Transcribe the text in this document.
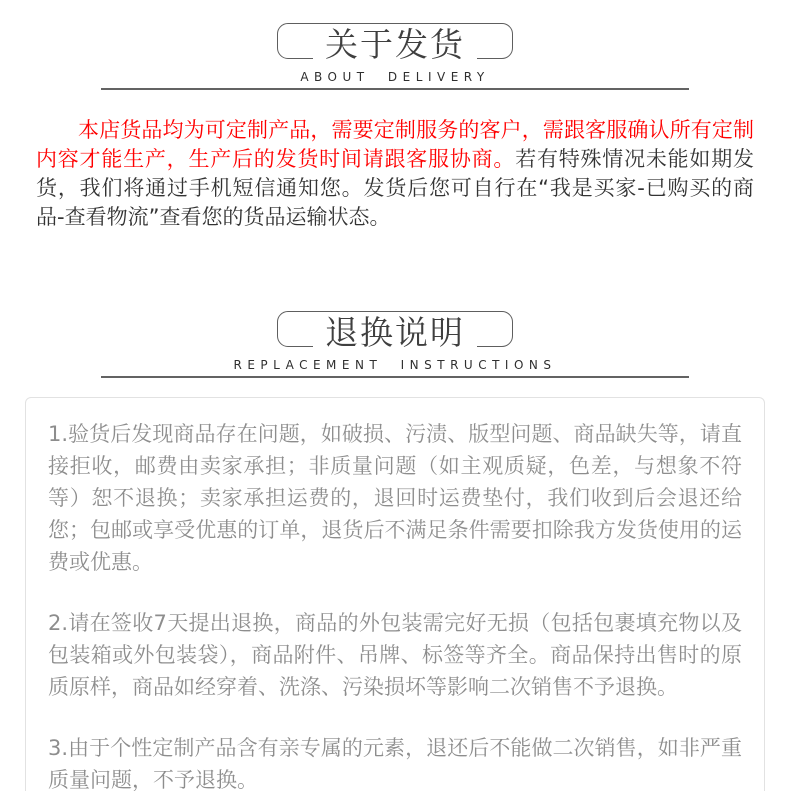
关于发货
ABOUT DELIVERY

本店货品均为可定制产品，需要定制服务的客户，需跟客服确认所有定制内容才能生产，生产后的发货时间请跟客服协商。若有特殊情况未能如期发货，我们将通过手机短信通知您。发货后您可自行在“我是买家-已购买的商品-查看物流”查看您的货品运输状态。

退换说明
REPLACEMENT INSTRUCTIONS

1.验货后发现商品存在问题，如破损、污渍、版型问题、商品缺失等，请直接拒收，邮费由卖家承担；非质量问题（如主观质疑，色差，与想象不符等）恕不退换；卖家承担运费的，退回时运费垫付，我们收到后会退还给您；包邮或享受优惠的订单，退货后不满足条件需要扣除我方发货使用的运费或优惠。

2.请在签收7天提出退换，商品的外包装需完好无损（包括包裹填充物以及包装箱或外包装袋），商品附件、吊牌、标签等齐全。商品保持出售时的原质原样，商品如经穿着、洗涤、污染损坏等影响二次销售不予退换。

3.由于个性定制产品含有亲专属的元素，退还后不能做二次销售，如非严重质量问题，不予退换。
